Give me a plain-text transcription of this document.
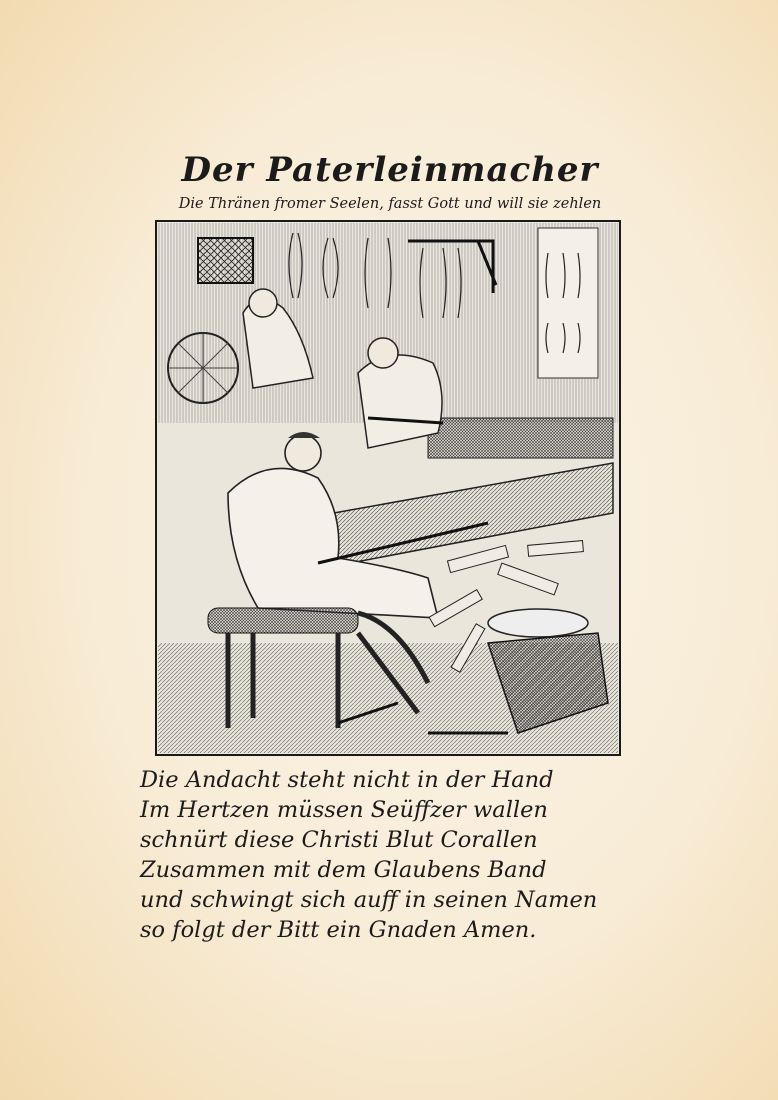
Der Paterleinmacher
Die Thränen fromer Seelen, fasst Gott und will sie zehlen
Die Andacht steht nicht in der Hand
Im Hertzen müssen Seüffzer wallen
schnürt diese Christi Blut Corallen
Zusammen mit dem Glaubens Band
und schwingt sich auff in seinen Namen
so folgt der Bitt ein Gnaden Amen.
